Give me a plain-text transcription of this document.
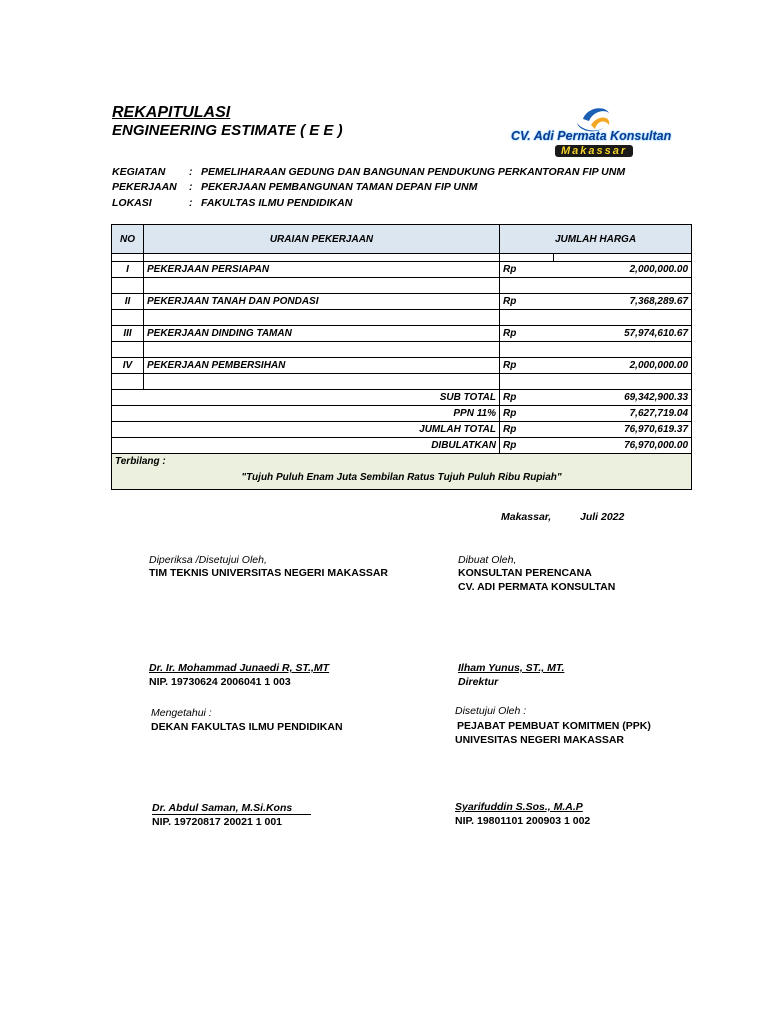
REKAPITULASI
ENGINEERING ESTIMATE ( E E )	CV. Adi Permata Konsultan
Makassar
KEGIATAN : PEMELIHARAAN GEDUNG DAN BANGUNAN PENDUKUNG PERKANTORAN FIP UNM
PEKERJAAN : PEKERJAAN PEMBANGUNAN TAMAN DEPAN FIP UNM
LOKASI	: FAKULTAS ILMU PENDIDIKAN
NO	URAIAN PEKERJAAN	JUMLAH HARGA	

I	PEKERJAAN PERSIAPAN	Rp	2,000,000.00

II	PEKERJAAN TANAH DAN PONDASI	Rp	7,368,289.67

III	PEKERJAAN DINDING TAMAN	Rp	57,974,610.67

IV	PEKERJAAN PEMBERSIHAN	Rp	2,000,000.00

SUB TOTAL		Rp	69,342,900.33
PPN 11%		Rp	7,627,719.04
JUMLAH TOTAL		Rp	76,970,619.37
DIBULATKAN		Rp	76,970,000.00

Terbilang :
"Tujuh Puluh Enam Juta Sembilan Ratus Tujuh Puluh Ribu Rupiah"			
Makassar,	Juli 2022
Diperiksa /Disetujui Oleh,
TIM TEKNIS UNIVERSITAS NEGERI MAKASSAR
Dibuat Oleh,
KONSULTAN PERENCANA
CV. ADI PERMATA KONSULTAN
Dr. Ir. Mohammad Junaedi R, ST.,MT
NIP. 19730624 2006041 1 003
Ilham Yunus, ST., MT.
Direktur
Mengetahui :
DEKAN FAKULTAS ILMU PENDIDIKAN
Disetujui Oleh :
PEJABAT PEMBUAT KOMITMEN (PPK)
UNIVESITAS NEGERI MAKASSAR
Dr. Abdul Saman, M.Si.Kons
NIP. 19720817 20021 1 001
Syarifuddin S.Sos., M.A.P
NIP. 19801101 200903 1 002
